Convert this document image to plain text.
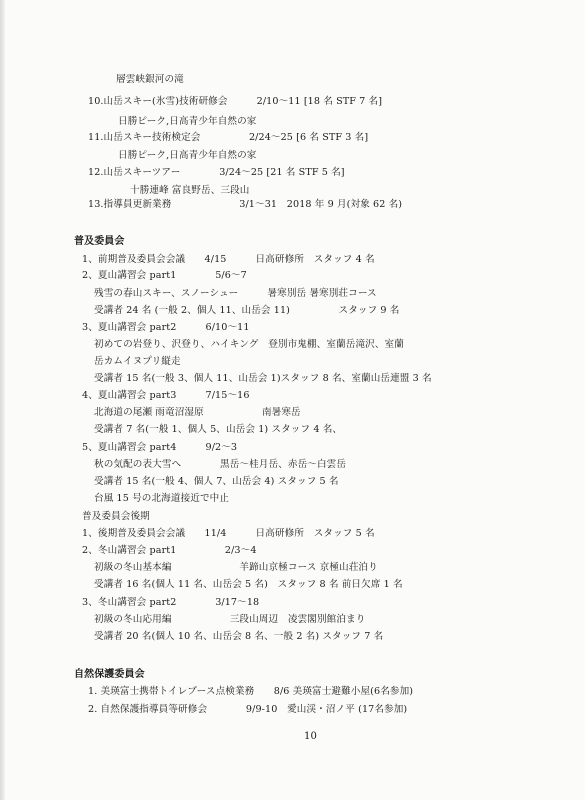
層雲峡銀河の滝
10.山岳スキー(氷雪)技術研修会　　　2/10〜11 [18 名 STF 7 名]
日勝ピーク,日高青少年自然の家
11.山岳スキー技術検定会　　　　　2/24〜25 [6 名 STF 3 名]
日勝ピーク,日高青少年自然の家
12.山岳スキーツアー　　　　3/24〜25 [21 名 STF 5 名]
十勝連峰 富良野岳、三段山
13.指導員更新業務　　　　　　　3/1〜31　2018 年 9 月(対象 62 名)
普及委員会
1、前期普及委員会会議　　4/15　　　日高研修所　スタッフ 4 名
2、夏山講習会 part1　　　　5/6〜7
残雪の春山スキー、スノーシュー　　　暑寒別岳 暑寒別荘コース
受講者 24 名 (一般 2、個人 11、山岳会 11)　　　　　スタッフ 9 名
3、夏山講習会 part2　　　6/10〜11
初めての岩登り、沢登り、ハイキング　登別市鬼棚、室蘭岳滝沢、室蘭
岳カムイヌプリ縦走
受講者 15 名(一般 3、個人 11、山岳会 1)スタッフ 8 名、室蘭山岳連盟 3 名
4、夏山講習会 part3　　　7/15〜16
北海道の尾瀬 雨竜沼湿原　　　　　　南暑寒岳
受講者 7 名(一般 1、個人 5、山岳会 1) スタッフ 4 名、
5、夏山講習会 part4　　　9/2〜3
秋の気配の表大雪へ　　　　黒岳〜桂月岳、赤岳〜白雲岳
受講者 15 名(一般 4、個人 7、山岳会 4) スタッフ 5 名
台風 15 号の北海道接近で中止
普及委員会後期
1、後期普及委員会会議　　11/4　　　日高研修所　スタッフ 5 名
2、冬山講習会 part1　　　　　2/3〜4
初級の冬山基本編　　　　　　　羊蹄山京極コース 京極山荘泊り
受講者 16 名(個人 11 名、山岳会 5 名)　スタッフ 8 名 前日欠席 1 名
3、冬山講習会 part2　　　　3/17〜18
初級の冬山応用編　　　　　　三段山周辺　凌雲閣別館泊まり
受講者 20 名(個人 10 名、山岳会 8 名、一般 2 名) スタッフ 7 名
自然保護委員会
1. 美瑛富士携帯トイレブース点検業務　　8/6 美瑛富士避難小屋(6名参加)
2. 自然保護指導員等研修会　　　　9/9-10　愛山渓・沼ノ平 (17名参加)
10
